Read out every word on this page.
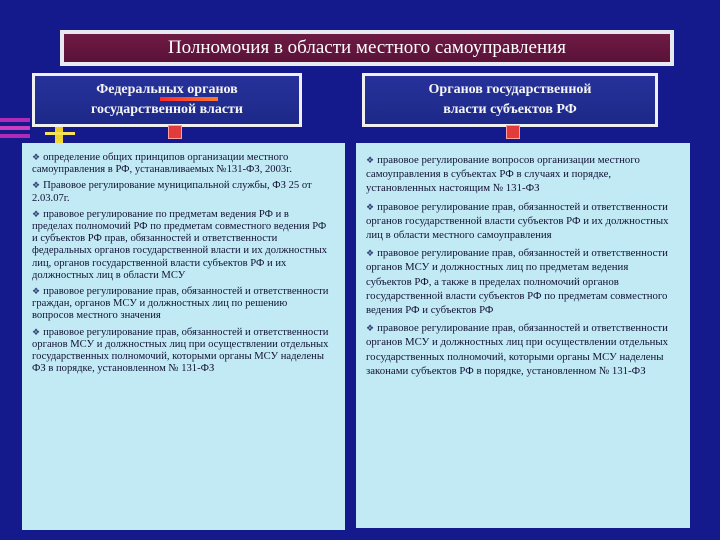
Полномочия в области местного самоуправления
Федеральных органов
государственной власти
Органов государственной
власти субъектов РФ
❖ определение общих принципов организации местного самоуправления в РФ, устанавливаемых №131-ФЗ, 2003г.
❖ Правовое регулирование муниципальной службы, ФЗ 25 от 2.03.07г.
❖ правовое регулирование по предметам ведения РФ и в пределах полномочий РФ по предметам совместного ведения РФ и субъектов РФ прав, обязанностей и ответственности федеральных органов государственной власти и их должностных лиц, органов государственной власти субъектов РФ и их должностных лиц в области МСУ
❖ правовое регулирование прав, обязанностей и ответственности граждан, органов МСУ и должностных лиц по решению вопросов местного значения
❖ правовое регулирование прав, обязанностей и ответственности органов МСУ и должностных лиц при осуществлении отдельных государственных полномочий, которыми органы МСУ наделены ФЗ в порядке, установленном № 131-ФЗ
❖ правовое регулирование вопросов организации местного самоуправления в субъектах РФ в случаях и порядке, установленных настоящим № 131-ФЗ
❖ правовое регулирование прав, обязанностей и ответственности органов государственной власти субъектов РФ и их должностных лиц в области местного самоуправления
❖ правовое регулирование прав, обязанностей и ответственности органов МСУ и должностных лиц по предметам ведения субъектов РФ, а также в пределах полномочий органов государственной власти субъектов РФ по предметам совместного ведения РФ и субъектов РФ
❖ правовое регулирование прав, обязанностей и ответственности органов МСУ и должностных лиц при осуществлении отдельных государственных полномочий, которыми органы МСУ наделены законами субъектов РФ в порядке, установленном № 131-ФЗ
